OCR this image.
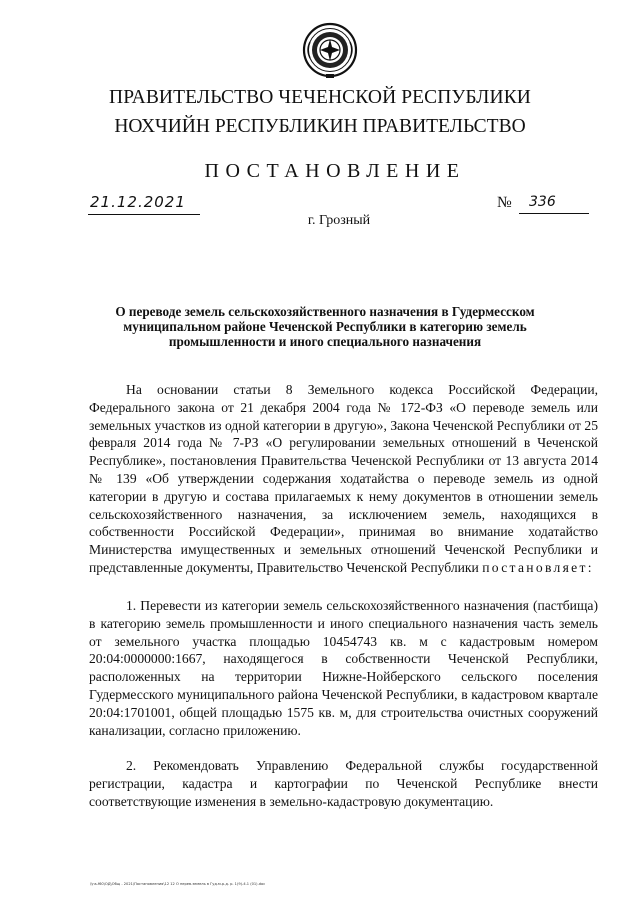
ПРАВИТЕЛЬСТВО ЧЕЧЕНСКОЙ РЕСПУБЛИКИ
НОХЧИЙН РЕСПУБЛИКИН ПРАВИТЕЛЬСТВО
ПОСТАНОВЛЕНИЕ
21.12.2021	№	336
г. Грозный
О переводе земель сельскохозяйственного назначения в Гудермесском муниципальном районе Чеченской Республики в категорию земель промышленности и иного специального назначения

На основании статьи 8 Земельного кодекса Российской Федерации, Федерального закона от 21 декабря 2004 года № 172-ФЗ «О переводе земель или земельных участков из одной категории в другую», Закона Чеченской Республики от 25 февраля 2014 года № 7-РЗ «О регулировании земельных отношений в Чеченской Республике», постановления Правительства Чеченской Республики от 13 августа 2014 № 139 «Об утверждении содержания ходатайства о переводе земель из одной категории в другую и состава прилагаемых к нему документов в отношении земель сельскохозяйственного назначения, за исключением земель, находящихся в собственности Российской Федерации», принимая во внимание ходатайство Министерства имущественных и земельных отношений Чеченской Республики и представленные документы, Правительство Чеченской Республики постановляет:

1. Перевести из категории земель сельскохозяйственного назначения (пастбища) в категорию земель промышленности и иного специального назначения часть земель от земельного участка площадью 10454743 кв. м с кадастровым номером 20:04:0000000:1667, находящегося в собственности Чеченской Республики, расположенных на территории Нижне-Нойберского сельского поселения Гудермесского муниципального района Чеченской Республики, в кадастровом квартале 20:04:1701001, общей площадью 1575 кв. м, для строительства очистных сооружений канализации, согласно приложению.

2. Рекомендовать Управлению Федеральной службы государственной регистрации, кадастра и картографии по Чеченской Республике внести соответствующие изменения в земельно-кадастровую документацию.

\\ns-f60\ОД\Общ - 2021\Постановления\12 12 О перев.земель в Гуд.м.р.д. р. 1(9)-4.1 (01).doc
